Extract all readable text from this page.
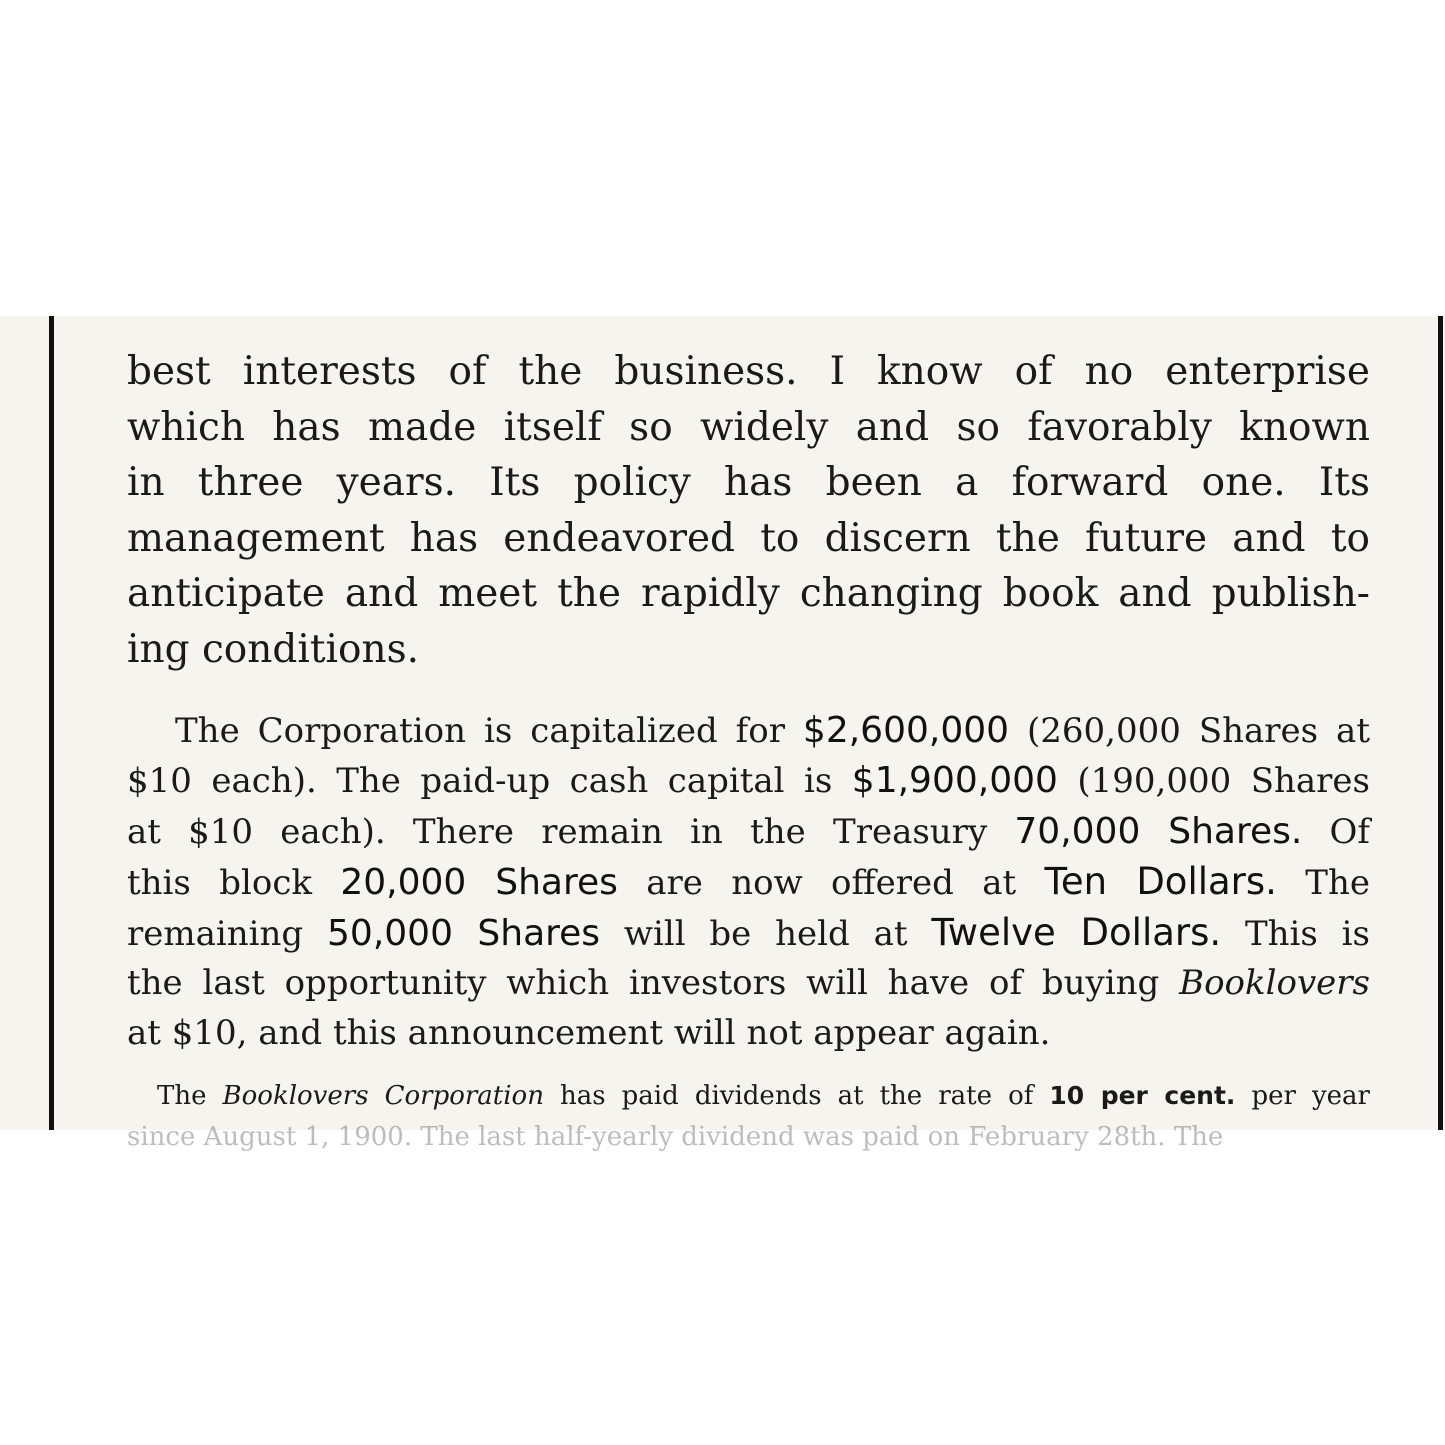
best interests of the business. I know of no enterprise
which has made itself so widely and so favorably known
in three years. Its policy has been a forward one. Its
management has endeavored to discern the future and to
anticipate and meet the rapidly changing book and publish-
ing conditions.
The Corporation is capitalized for $2,600,000 (260,000 Shares at
$10 each). The paid-up cash capital is $1,900,000 (190,000 Shares
at $10 each). There remain in the Treasury 70,000 Shares. Of
this block 20,000 Shares are now offered at Ten Dollars. The
remaining 50,000 Shares will be held at Twelve Dollars. This is
the last opportunity which investors will have of buying Booklovers
at $10, and this announcement will not appear again.
The Booklovers Corporation has paid dividends at the rate of 10 per cent. per year
since August 1, 1900. The last half-yearly dividend was paid on February 28th. The
